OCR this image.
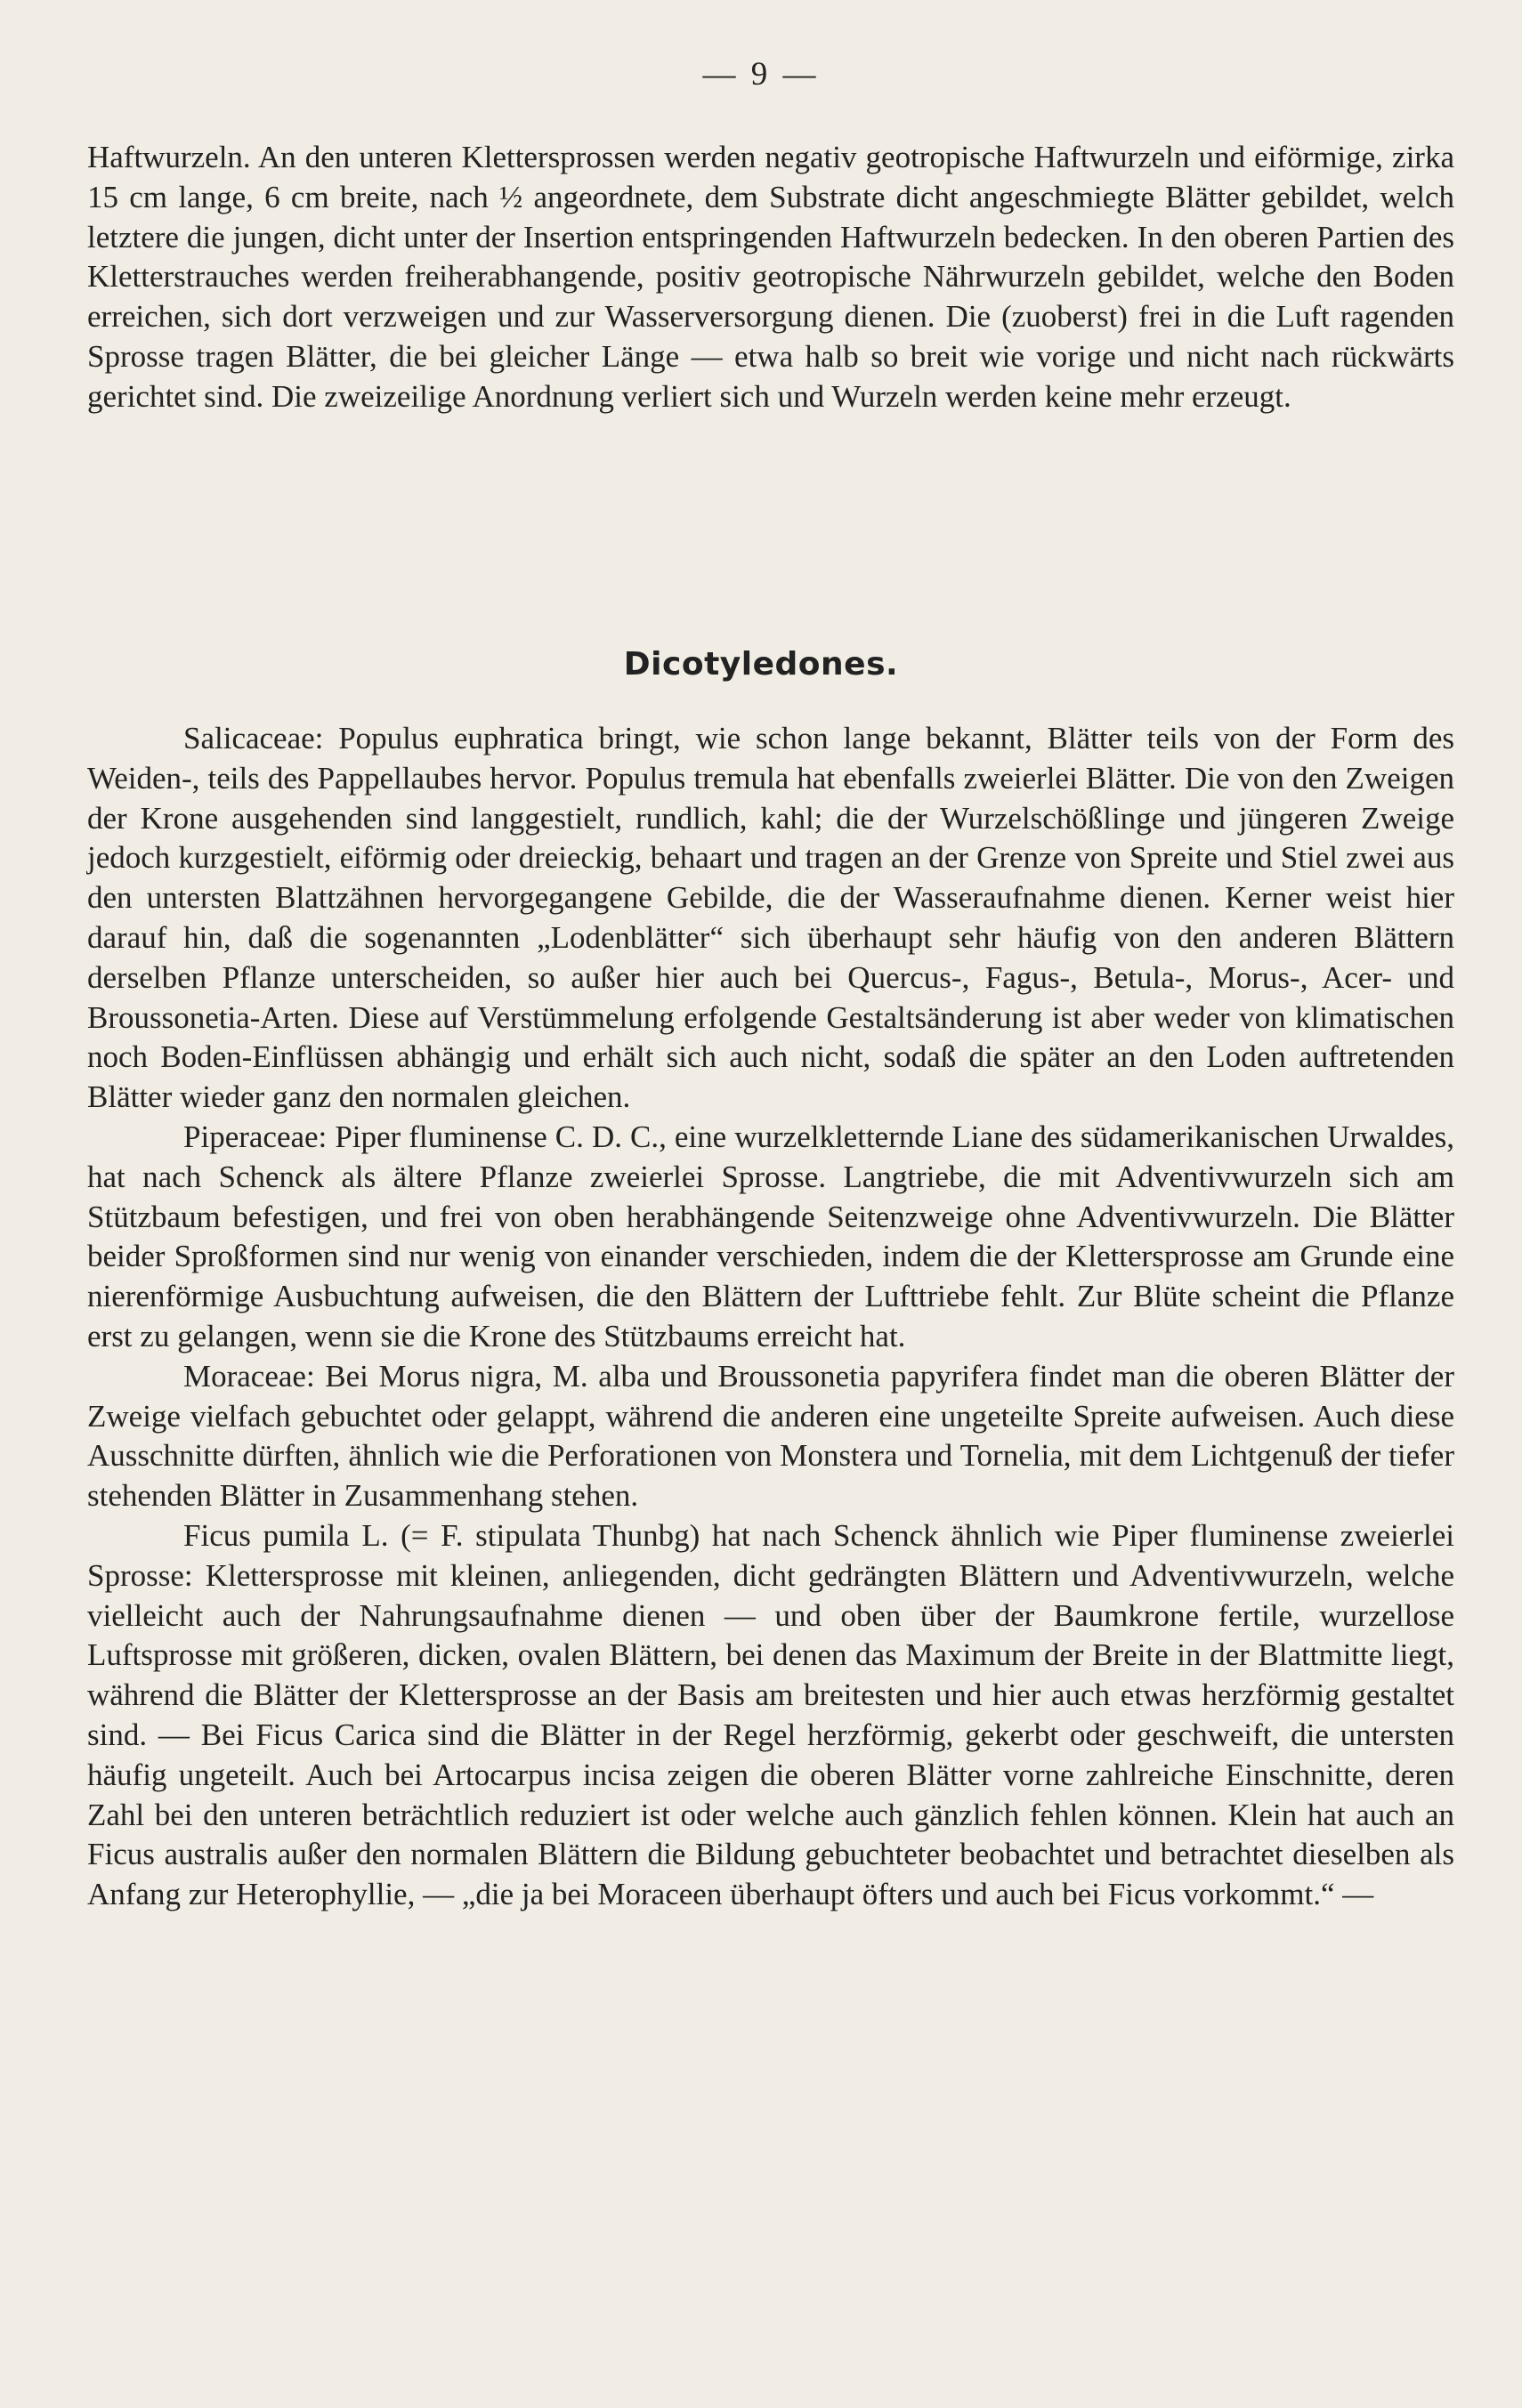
— 9 —

Haftwurzeln. An den unteren Klettersprossen werden negativ geotropische Haftwurzeln und eiförmige, zirka 15 cm lange, 6 cm breite, nach ½ angeordnete, dem Substrate dicht angeschmiegte Blätter gebildet, welch letztere die jungen, dicht unter der Insertion entspringenden Haftwurzeln bedecken. In den oberen Partien des Kletterstrauches werden freiherabhangende, positiv geotropische Nährwurzeln gebildet, welche den Boden erreichen, sich dort verzweigen und zur Wasserversorgung dienen. Die (zuoberst) frei in die Luft ragenden Sprosse tragen Blätter, die bei gleicher Länge — etwa halb so breit wie vorige und nicht nach rückwärts gerichtet sind. Die zweizeilige Anordnung verliert sich und Wurzeln werden keine mehr erzeugt.

Dicotyledones.

Salicaceae: Populus euphratica bringt, wie schon lange bekannt, Blätter teils von der Form des Weiden-, teils des Pappellaubes hervor. Populus tremula hat ebenfalls zweierlei Blätter. Die von den Zweigen der Krone ausgehenden sind langgestielt, rundlich, kahl; die der Wurzelschößlinge und jüngeren Zweige jedoch kurzgestielt, eiförmig oder dreieckig, behaart und tragen an der Grenze von Spreite und Stiel zwei aus den untersten Blattzähnen hervorgegangene Gebilde, die der Wasseraufnahme dienen. Kerner weist hier darauf hin, daß die sogenannten „Lodenblätter“ sich überhaupt sehr häufig von den anderen Blättern derselben Pflanze unterscheiden, so außer hier auch bei Quercus-, Fagus-, Betula-, Morus-, Acer- und Broussonetia-Arten. Diese auf Verstümmelung erfolgende Gestaltsänderung ist aber weder von klimatischen noch Boden-Einflüssen abhängig und erhält sich auch nicht, sodaß die später an den Loden auftretenden Blätter wieder ganz den normalen gleichen.

Piperaceae: Piper fluminense C. D. C., eine wurzelkletternde Liane des südamerikanischen Urwaldes, hat nach Schenck als ältere Pflanze zweierlei Sprosse. Langtriebe, die mit Adventivwurzeln sich am Stützbaum befestigen, und frei von oben herabhängende Seitenzweige ohne Adventivwurzeln. Die Blätter beider Sproßformen sind nur wenig von einander verschieden, indem die der Klettersprosse am Grunde eine nierenförmige Ausbuchtung aufweisen, die den Blättern der Lufttriebe fehlt. Zur Blüte scheint die Pflanze erst zu gelangen, wenn sie die Krone des Stützbaums erreicht hat.

Moraceae: Bei Morus nigra, M. alba und Broussonetia papyrifera findet man die oberen Blätter der Zweige vielfach gebuchtet oder gelappt, während die anderen eine ungeteilte Spreite aufweisen. Auch diese Ausschnitte dürften, ähnlich wie die Perforationen von Monstera und Tornelia, mit dem Lichtgenuß der tiefer stehenden Blätter in Zusammenhang stehen.

Ficus pumila L. (= F. stipulata Thunbg) hat nach Schenck ähnlich wie Piper fluminense zweierlei Sprosse: Klettersprosse mit kleinen, anliegenden, dicht gedrängten Blättern und Adventivwurzeln, welche vielleicht auch der Nahrungsaufnahme dienen — und oben über der Baumkrone fertile, wurzellose Luftsprosse mit größeren, dicken, ovalen Blättern, bei denen das Maximum der Breite in der Blattmitte liegt, während die Blätter der Klettersprosse an der Basis am breitesten und hier auch etwas herzförmig gestaltet sind. — Bei Ficus Carica sind die Blätter in der Regel herzförmig, gekerbt oder geschweift, die untersten häufig ungeteilt. Auch bei Artocarpus incisa zeigen die oberen Blätter vorne zahlreiche Einschnitte, deren Zahl bei den unteren beträchtlich reduziert ist oder welche auch gänzlich fehlen können. Klein hat auch an Ficus australis außer den normalen Blättern die Bildung gebuchteter beobachtet und betrachtet dieselben als Anfang zur Heterophyllie, — „die ja bei Moraceen überhaupt öfters und auch bei Ficus vorkommt.“ —
